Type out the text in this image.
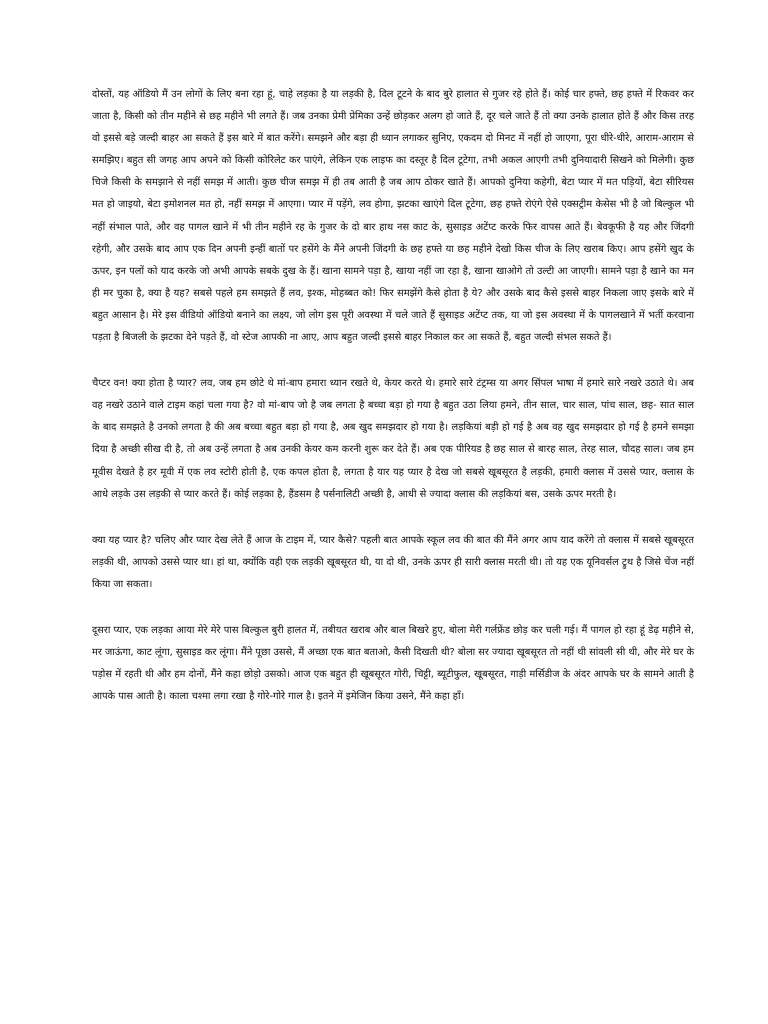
दोस्तों, यह ऑडियो मैं उन लोगों के लिए बना रहा हूं, चाहे लड़का है या लड़की है, दिल टूटने के बाद बुरे हालात से गुजर रहे होते हैं। कोई चार हफ्ते, छह हफ्ते में रिकवर कर जाता है, किसी को तीन महीने से छह महीने भी लगते हैं। जब उनका प्रेमी प्रेमिका उन्हें छोड़कर अलग हो जाते हैं, दूर चले जाते हैं तो क्या उनके हालात होते हैं और किस तरह वो इससे बड़े जल्दी बाहर आ सकते हैं इस बारे में बात करेंगे। समझने और बड़ा ही ध्यान लगाकर सुनिए, एकदम दो मिनट में नहीं हो जाएगा, पूरा धीरे-धीरे, आराम-आराम से समझिए। बहुत सी जगह आप अपने को किसी कोरिलेट कर पाएंगे, लेकिन एक लाइफ का दस्तूर है दिल टूटेगा, तभी अकल आएगी तभी दुनियादारी सिखने को मिलेगी। कुछ चिजे किसी के समझाने से नहीं समझ में आती। कुछ चीज समझ में ही तब आती है जब आप ठोकर खाते हैं। आपको दुनिया कहेगी, बेटा प्यार में मत पड़ियों, बेटा सीरियस मत हो जाइयो, बेटा इमोशनल मत हो, नहीं समझ में आएगा। प्यार में पड़ेंगे, लव होगा, झटका खाएंगे दिल टूटेगा, छह हफ्ते रोएंगे ऐसे एक्सट्रीम केसेस भी है जो बिल्कुल भी नहीं संभाल पाते, और वह पागल खाने में भी तीन महीने रह के गुजर के दो बार हाथ नस काट के, सुसाइड अटेंप्ट करके फिर वापस आते हैं। बेवकूफी है यह और जिंदगी रहेगी, और उसके बाद आप एक दिन अपनी इन्हीं बातों पर हसेंगे के मैंने अपनी जिंदगी के छह हफ्ते या छह महीने देखो किस चीज के लिए खराब किए। आप हसेंगे खुद के ऊपर, इन पलों को याद करके जो अभी आपके सबके दुख के हैं। खाना सामने पड़ा है, खाया नहीं जा रहा है, खाना खाओगे तो उल्टी आ जाएगी। सामने पड़ा है खाने का मन ही मर चुका है, क्या है यह? सबसे पहले हम समझते हैं लव, इश्क, मोहब्बत को! फिर समझेंगे कैसे होता है ये? और उसके बाद कैसे इससे बाहर निकला जाए इसके बारे में बहुत आसान है। मेरे इस वीडियो ऑडियो बनाने का लक्ष्य, जो लोग इस पूरी अवस्था में चले जाते हैं सुसाइड अटेंप्ट तक, या जो इस अवस्था में के पागलखाने में भर्ती करवाना पड़ता है बिजली के झटका देने पड़ते हैं, वो स्टेज आपकी ना आए, आप बहुत जल्दी इससे बाहर निकाल कर आ सकते हैं, बहुत जल्दी संभल सकते हैं।

चैप्टर वन! क्या होता है प्यार? लव, जब हम छोटे थे मां-बाप हमारा ध्यान रखते थे, केयर करते थे। हमारे सारे टंट्रम्स या अगर सिंपल भाषा में हमारे सारे नखरे उठाते थे। अब वह नखरे उठाने वाले टाइम कहां चला गया है? वो मां-बाप जो है जब लगता है बच्चा बड़ा हो गया है बहुत उठा लिया हमने, तीन साल, चार साल, पांच साल, छह- सात साल के बाद समझते है उनको लगता है की अब बच्चा बहुत बड़ा हो गया है, अब खुद समझदार हो गया है। लड़कियां बड़ी हो गई है अब वह खुद समझदार हो गई है हमने समझा दिया है अच्छी सीख दी है, तो अब उन्हें लगता है अब उनकी केयर कम करनी शुरू कर देते हैं। अब एक पीरियड है छह साल से बारह साल, तेरह साल, चौदह साल। जब हम मूवीस देखते है हर मूवी में एक लव स्टोरी होती है, एक कपल होता है, लगता है यार यह प्यार है देख जो सबसे खूबसूरत है लड़की, हमारी क्लास में उससे प्यार, क्लास के आधे लड़के उस लड़की से प्यार करते हैं। कोई लड़का है, हैंडसम है पर्सनालिटी अच्छी है, आधी से ज्यादा क्लास की लड़कियां बस, उसके ऊपर मरती है।

क्या यह प्यार है? चलिए और प्यार देख लेते हैं आज के टाइम में, प्यार कैसे? पहली बात आपके स्कूल लव की बात की मैंने अगर आप याद करेंगे तो क्लास में सबसे खूबसूरत लड़की थी, आपको उससे प्यार था। हां था, क्योंकि वही एक लड़की खूबसूरत थी, या दो थी, उनके ऊपर ही सारी क्लास मरती थी। तो यह एक यूनिवर्सल ट्रुथ है जिसे चेंज नहीं किया जा सकता।

दूसरा प्यार, एक लड़का आया मेरे मेरे पास बिल्कुल बुरी हालत में, तबीयत खराब और बाल बिखरे हुए, बोला मेरी गर्लफ्रेंड छोड़ कर चली गई। मैं पागल हो रहा हूं डेढ़ महीने से, मर जाऊंगा, काट लूंगा, सुसाइड कर लूंगा। मैंने पूछा उससे, मैं अच्छा एक बात बताओ, कैसी दिखती थी? बोला सर ज्यादा खूबसूरत तो नहीं थी सांवली सी थी, और मेरे घर के पड़ोस में रहती थी और हम दोनों, मैंने कहा छोड़ो उसको। आज एक बहुत ही खूबसूरत गोरी, चिट्टी, ब्यूटीफुल, खूबसूरत, गाड़ी मर्सिडीज के अंदर आपके घर के सामने आती है आपके पास आती है। काला चश्मा लगा रखा है गोरे-गोरे गाल है। इतने में इमेजिन किया उसने, मैंने कहा हाँ।
